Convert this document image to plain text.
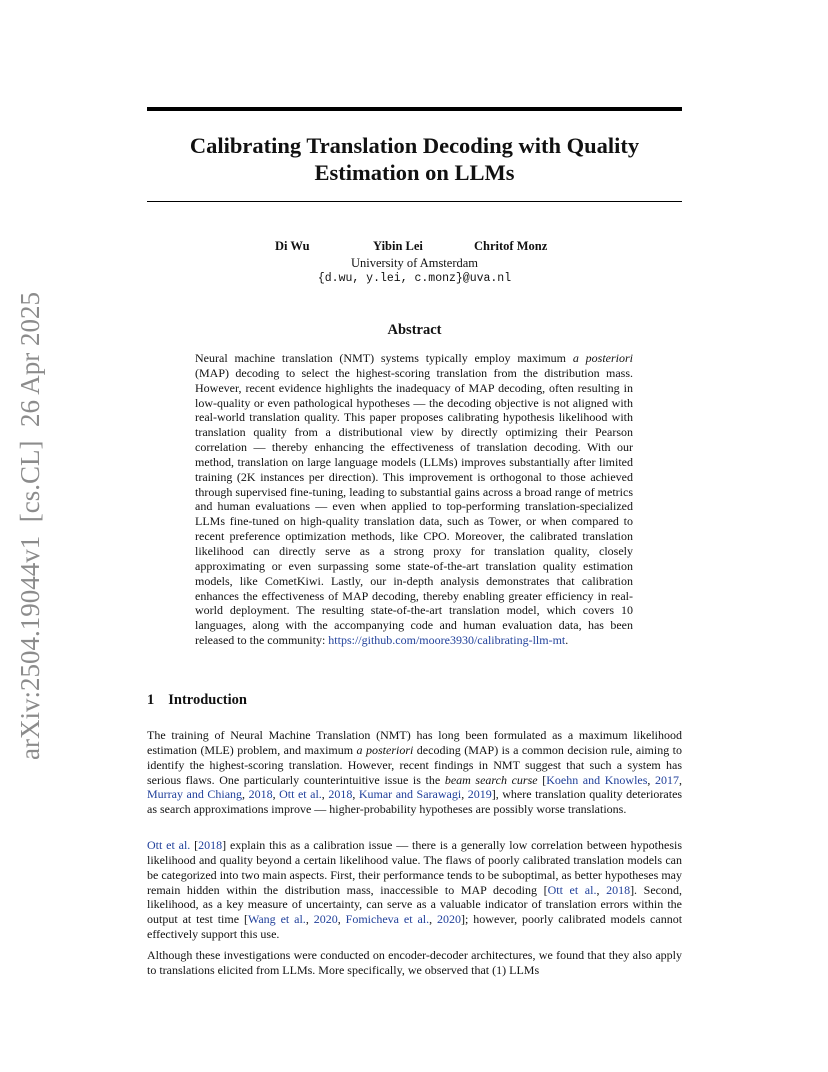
arXiv:2504.19044v1  [cs.CL]  26 Apr 2025
Calibrating Translation Decoding with Quality Estimation on LLMs
Di Wu	Yibin Lei	Chritof Monz
University of Amsterdam
{d.wu, y.lei, c.monz}@uva.nl
Abstract

Neural machine translation (NMT) systems typically employ maximum a posteriori (MAP) decoding to select the highest-scoring translation from the distribution mass. However, recent evidence highlights the inadequacy of MAP decoding, often resulting in low-quality or even pathological hypotheses — the decoding objective is not aligned with real-world translation quality. This paper proposes calibrating hypothesis likelihood with translation quality from a distributional view by directly optimizing their Pearson correlation — thereby enhancing the effectiveness of translation decoding. With our method, translation on large language models (LLMs) improves substantially after limited training (2K instances per direction). This improvement is orthogonal to those achieved through supervised fine-tuning, leading to substantial gains across a broad range of metrics and human evaluations — even when applied to top-performing translation-specialized LLMs fine-tuned on high-quality translation data, such as Tower, or when compared to recent preference optimization methods, like CPO. Moreover, the calibrated translation likelihood can directly serve as a strong proxy for translation quality, closely approximating or even surpassing some state-of-the-art translation quality estimation models, like CometKiwi. Lastly, our in-depth analysis demonstrates that calibration enhances the effectiveness of MAP decoding, thereby enabling greater efficiency in real-world deployment. The resulting state-of-the-art translation model, which covers 10 languages, along with the accompanying code and human evaluation data, has been released to the community: https://github.com/moore3930/calibrating-llm-mt.

1 Introduction

The training of Neural Machine Translation (NMT) has long been formulated as a maximum likelihood estimation (MLE) problem, and maximum a posteriori decoding (MAP) is a common decision rule, aiming to identify the highest-scoring translation. However, recent findings in NMT suggest that such a system has serious flaws. One particularly counterintuitive issue is the beam search curse [Koehn and Knowles, 2017, Murray and Chiang, 2018, Ott et al., 2018, Kumar and Sarawagi, 2019], where translation quality deteriorates as search approximations improve — higher-probability hypotheses are possibly worse translations.

Ott et al. [2018] explain this as a calibration issue — there is a generally low correlation between hypothesis likelihood and quality beyond a certain likelihood value. The flaws of poorly calibrated translation models can be categorized into two main aspects. First, their performance tends to be suboptimal, as better hypotheses may remain hidden within the distribution mass, inaccessible to MAP decoding [Ott et al., 2018]. Second, likelihood, as a key measure of uncertainty, can serve as a valuable indicator of translation errors within the output at test time [Wang et al., 2020, Fomicheva et al., 2020]; however, poorly calibrated models cannot effectively support this use.

Although these investigations were conducted on encoder-decoder architectures, we found that they also apply to translations elicited from LLMs. More specifically, we observed that (1) LLMs
